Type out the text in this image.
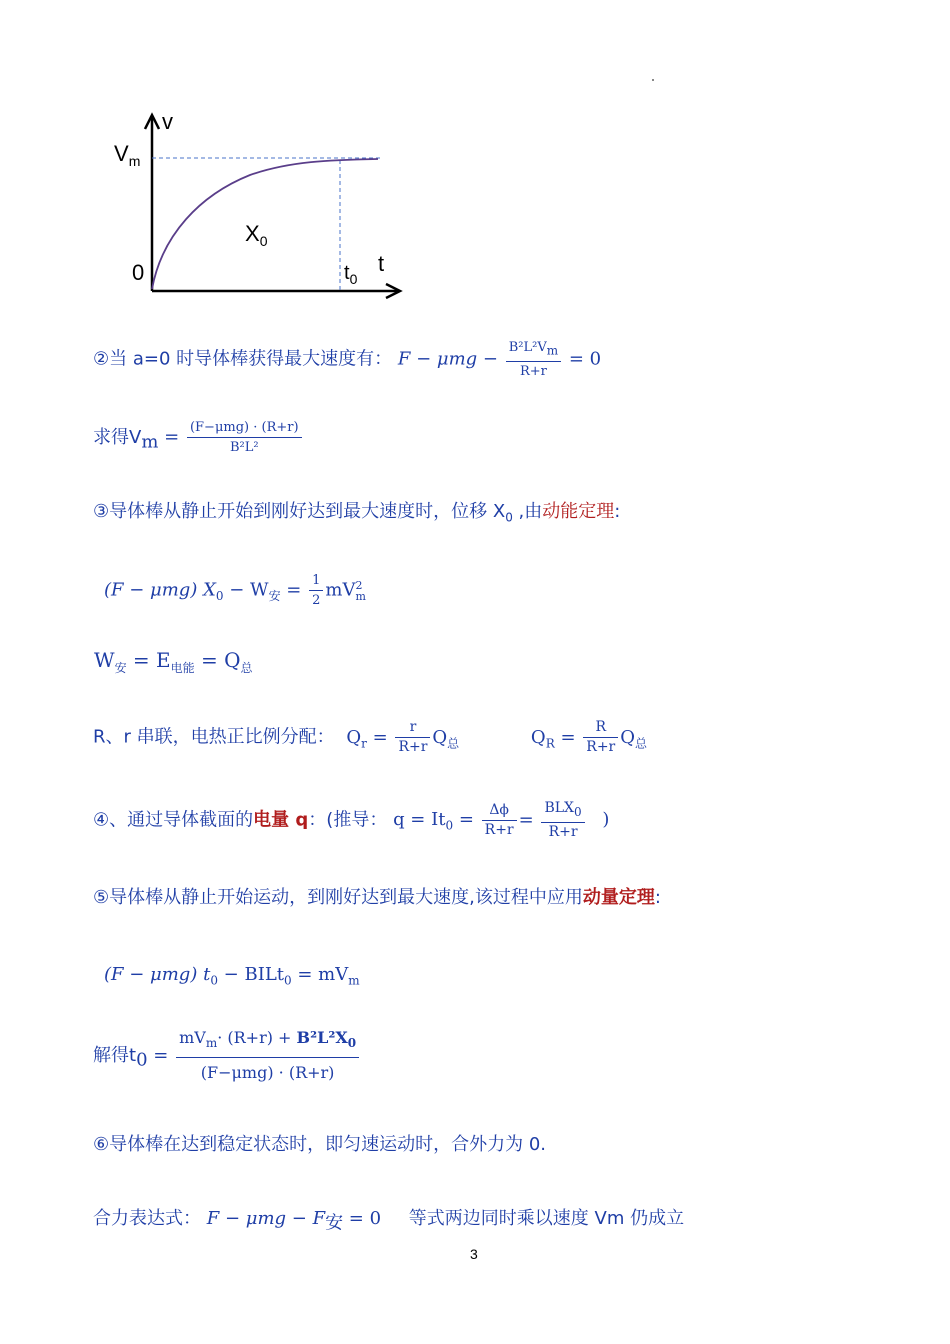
v
$V_m$
0
$X_0$
$t_0$
t
②当 a=0 时导体棒获得最大速度有： $F - \mu mg - \frac{B^2L^2V_m}{R+r} = 0$
求得$V_m = \frac{\text{(F−μmg) · (R+r)}}{\text{B²L²}}$
③导体棒从静止开始到刚好达到最大速度时，位移 $X_0$ ,由动能定理:
(F − μmg) $X_0 - W_安 = \frac{1}{2}$ mV 2
m
$W_安 = E_{电能} = Q_总$
R、r 串联，电热正比例分配： $Q_r = \frac{r}{R+r} Q_总$	$Q_R = \frac{R}{R+r} Q_总$
④、通过导体截面的电量 q：(推导： $q = It_0 = \frac{\Delta\phi}{R+r} = \frac{BLX_0}{R+r}$ )
⑤导体棒从静止开始运动，到刚好达到最大速度,该过程中应用动量定理:
(F − μmg) $t_0$ − BILt$_0$ = $mV_m$
解得$t_0 = \frac{mV_m\cdot (R+r) + B^2L^2X_0}{\text{(F−μmg) · (R+r)}}$
⑥导体棒在达到稳定状态时，即匀速运动时，合外力为 0.
合力表达式： $F - \mu mg - F_安 = 0$ 等式两边同时乘以速度 Vm 仍成立
3
